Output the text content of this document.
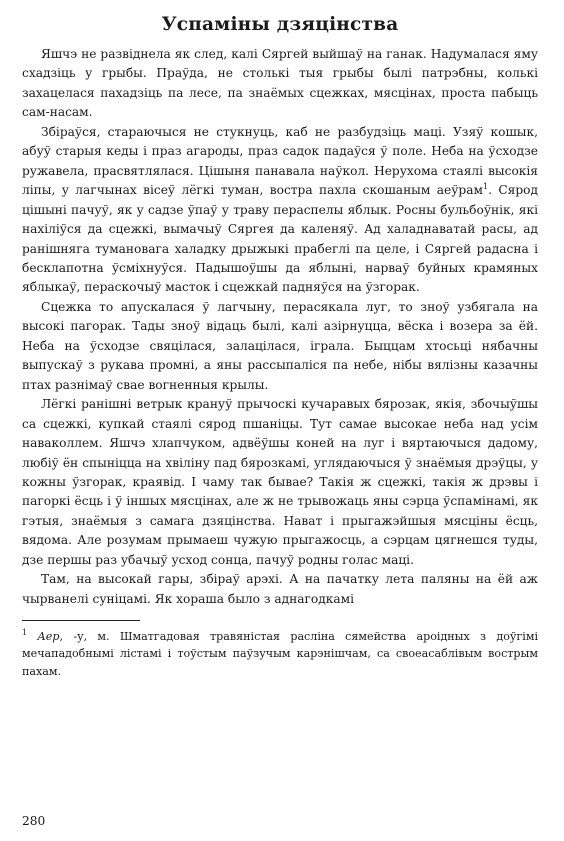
Успаміны дзяцінства

Яшчэ не развіднела як след, калі Сяргей выйшаў на ганак. Надумалася яму схадзіць у грыбы. Праўда, не столькі тыя грыбы былі патрэбны, колькі захацелася пахадзіць па лесе, па знаёмых сцежках, мясцінах, проста пабыць сам-насам.

Збіраўся, стараючыся не стукнуць, каб не разбудзіць маці. Узяў кошык, абуў старыя кеды і праз агароды, праз садок падаўся ў поле. Неба на ўсходзе ружавела, прасвятлялася. Цішыня панавала наўкол. Нерухома стаялі высокія ліпы, у лагчынах вісеў лёгкі туман, востра пахла скошаным аеўрам$^1$. Сярод цішыні пачуў, як у садзе ўпаў у траву пераспелы яблык. Росны бульбоўнік, які нахіліўся да сцежкі, вымачыў Сяргея да каленяў. Ад халаднаватай расы, ад ранішняга тумановага халадку дрыжыкі прабеглі па целе, і Сяргей радасна і бесклапотна ўсміхнуўся. Падышоўшы да яблыні, нарваў буйных крамяных яблыкаў, пераскочыў масток і сцежкай падняўся на ўзгорак.

Сцежка то апускалася ў лагчыну, перасякала луг, то зноў узбягала на высокі пагорак. Тады зноў відаць былі, калі азірнуцца, вёска і возера за ёй. Неба на ўсходзе свяцілася, залацілася, іграла. Быццам хтосьці нябачны выпускаў з рукава промні, а яны рассыпаліся па небе, нібы вялізны казачны птах разнімаў свае вогненныя крылы.

Лёгкі ранішні ветрык крануў прычоскі кучаравых бярозак, якія, збочыўшы са сцежкі, купкай стаялі сярод пшаніцы. Тут самае высокае неба над усім наваколлем. Яшчэ хлапчуком, адвёўшы коней на луг і вяртаючыся дадому, любіў ён спыніцца на хвіліну пад бярозкамі, углядаючыся ў знаёмыя дрэўцы, у кожны ўзгорак, краявід. І чаму так бывае? Такія ж сцежкі, такія ж дрэвы і пагоркі ёсць і ў іншых мясцінах, але ж не трывожаць яны сэрца ўспамінамі, як гэтыя, знаёмыя з самага дзяцінства. Нават і прыгажэйшыя мясціны ёсць, вядома. Але розумам прымаеш чужую прыгажосць, а сэрцам цягнешся туды, дзе першы раз убачыў усход сонца, пачуў родны голас маці.

Там, на высокай гары, збіраў арэхі. А на пачатку лета паляны на ёй аж чырванелі суніцамі. Як хораша было з аднагодкамі

$^1$ Аер, -у, м. Шматгадовая травяністая расліна сямейства ароідных з доўгімі мечападобнымі лістамі і тоўстым паўзучым карэнішчам, са своеасаблівым вострым пахам.
280
